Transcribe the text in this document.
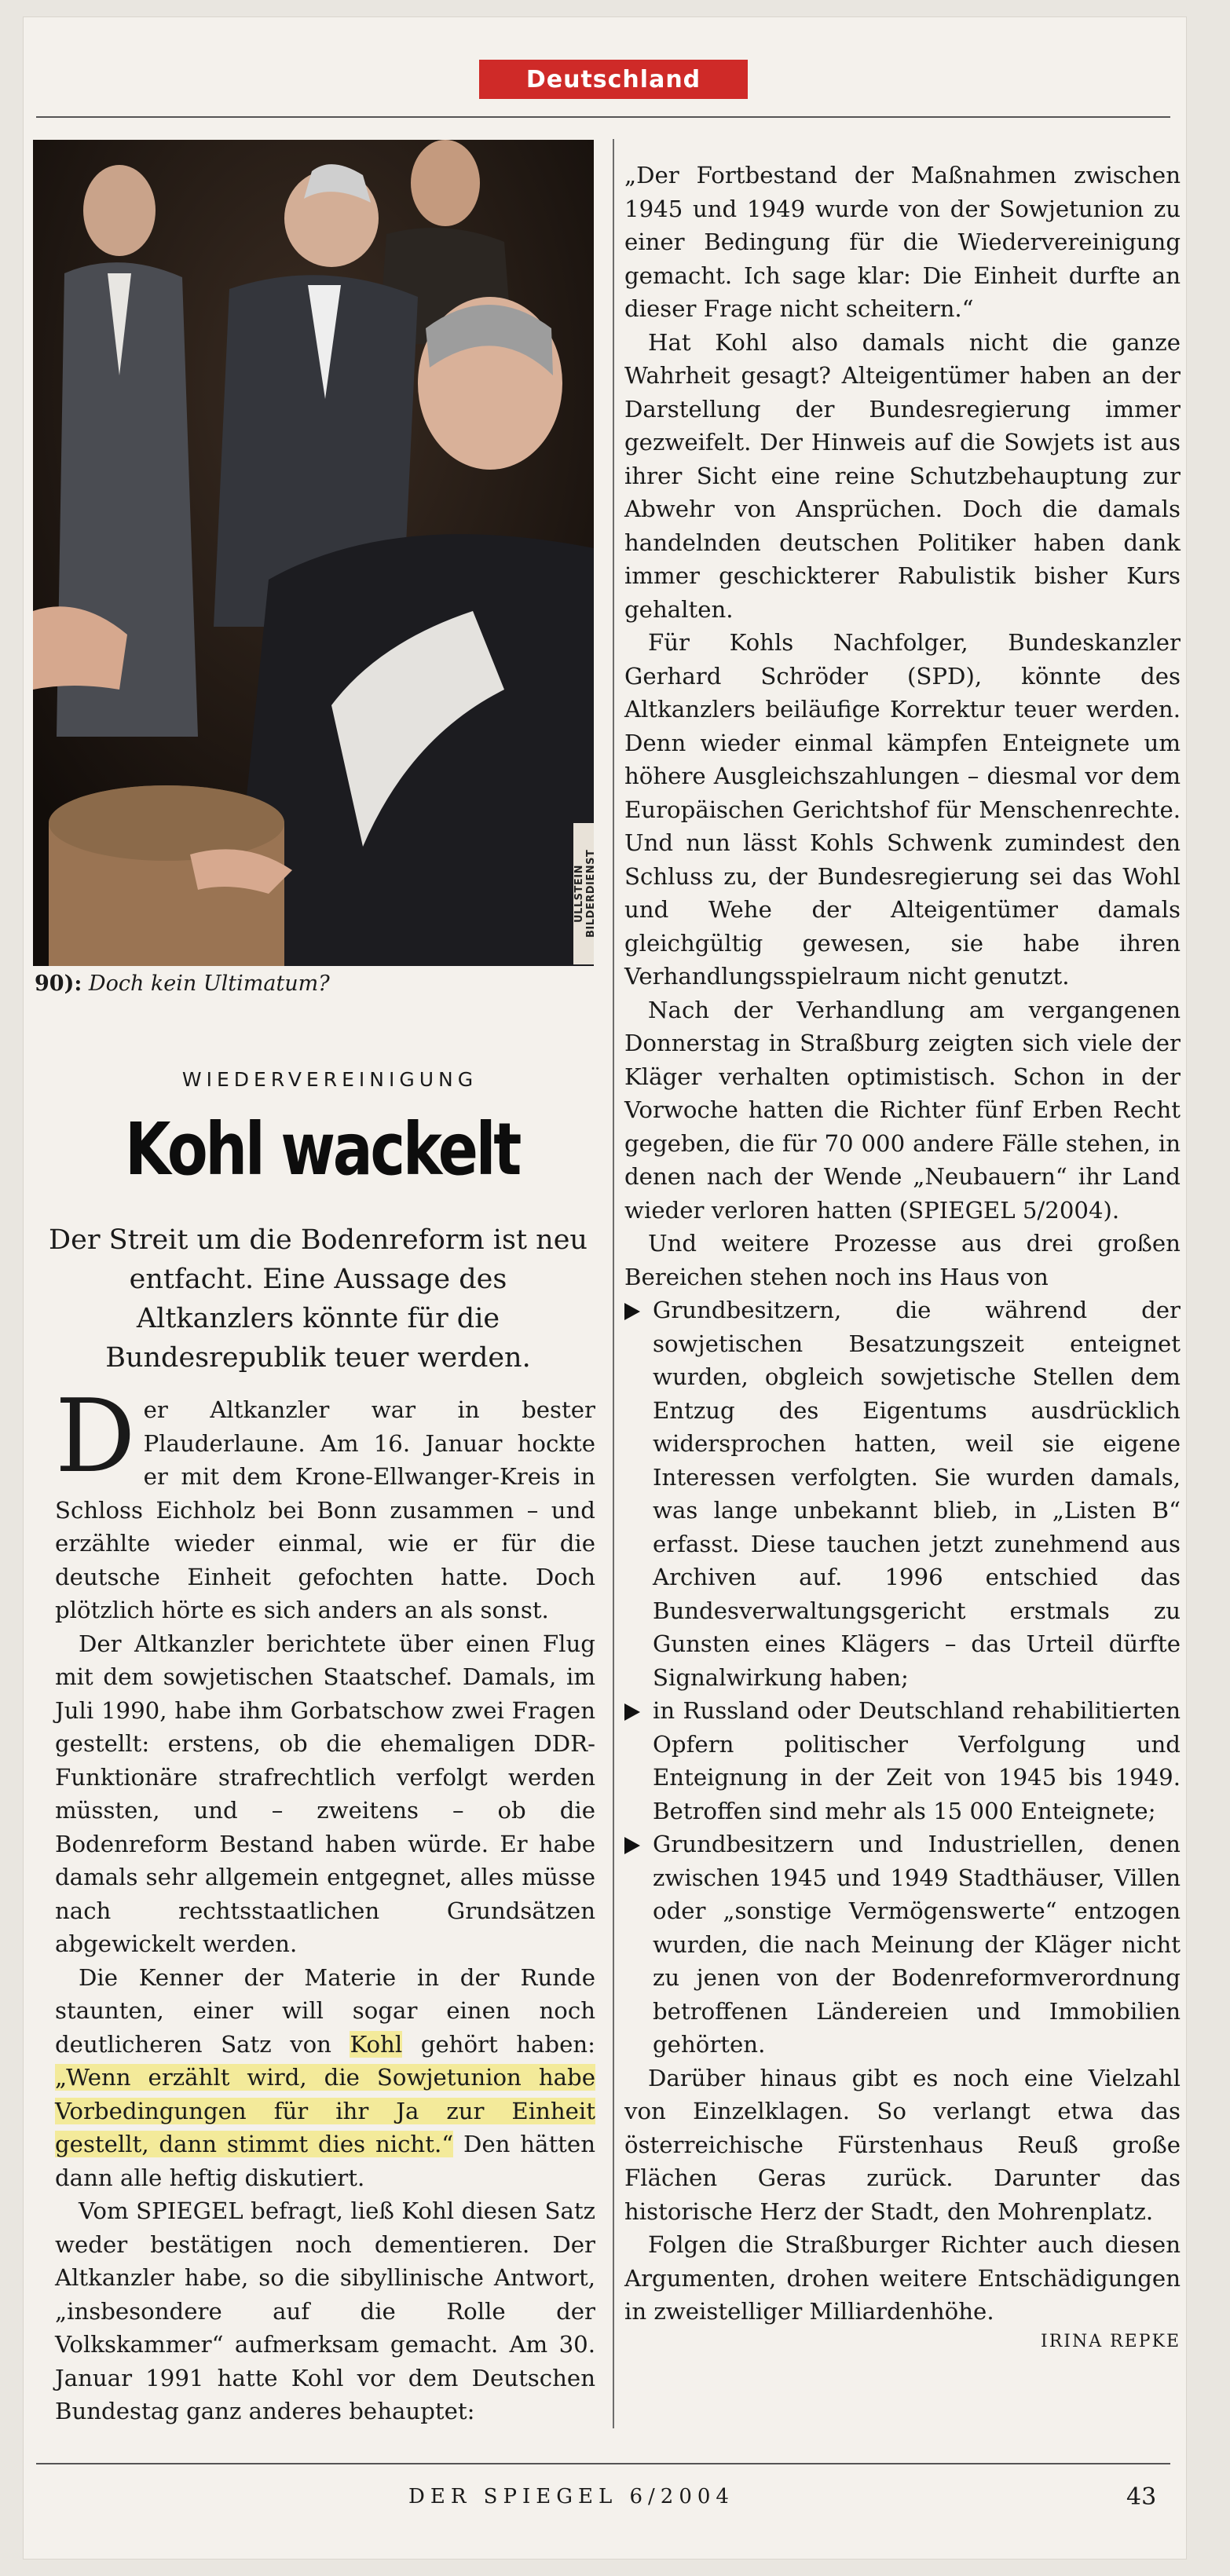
Deutschland
ULLSTEIN BILDERDIENST
90): Doch kein Ultimatum?
WIEDERVEREINIGUNG
Kohl wackelt
Der Streit um die Bodenreform ist neu entfacht. Eine Aussage des Altkanzlers könnte für die Bundesrepublik teuer werden.

Der Altkanzler war in bester Plauderlaune. Am 16. Januar hockte er mit dem Krone-Ellwanger-Kreis in Schloss Eichholz bei Bonn zusammen – und erzählte wieder einmal, wie er für die deutsche Einheit gefochten hatte. Doch plötzlich hörte es sich anders an als sonst.

Der Altkanzler berichtete über einen Flug mit dem sowjetischen Staatschef. Damals, im Juli 1990, habe ihm Gorbatschow zwei Fragen gestellt: erstens, ob die ehemaligen DDR-Funktionäre strafrechtlich verfolgt werden müssten, und – zweitens – ob die Bodenreform Bestand haben würde. Er habe damals sehr allgemein entgegnet, alles müsse nach rechtsstaatlichen Grundsätzen abgewickelt werden.

Die Kenner der Materie in der Runde staunten, einer will sogar einen noch deutlicheren Satz von Kohl gehört haben: „Wenn erzählt wird, die Sowjetunion habe Vorbedingungen für ihr Ja zur Einheit gestellt, dann stimmt dies nicht.“ Den hätten dann alle heftig diskutiert.

Vom SPIEGEL befragt, ließ Kohl diesen Satz weder bestätigen noch dementieren. Der Altkanzler habe, so die sibyllinische Antwort, „insbesondere auf die Rolle der Volkskammer“ aufmerksam gemacht. Am 30. Januar 1991 hatte Kohl vor dem Deutschen Bundestag ganz anderes behauptet:

„Der Fortbestand der Maßnahmen zwischen 1945 und 1949 wurde von der Sowjetunion zu einer Bedingung für die Wiedervereinigung gemacht. Ich sage klar: Die Einheit durfte an dieser Frage nicht scheitern.“

Hat Kohl also damals nicht die ganze Wahrheit gesagt? Alteigentümer haben an der Darstellung der Bundesregierung immer gezweifelt. Der Hinweis auf die Sowjets ist aus ihrer Sicht eine reine Schutzbehauptung zur Abwehr von Ansprüchen. Doch die damals handelnden deutschen Politiker haben dank immer geschickterer Rabulistik bisher Kurs gehalten.

Für Kohls Nachfolger, Bundeskanzler Gerhard Schröder (SPD), könnte des Altkanzlers beiläufige Korrektur teuer werden. Denn wieder einmal kämpfen Enteignete um höhere Ausgleichszahlungen – diesmal vor dem Europäischen Gerichtshof für Menschenrechte. Und nun lässt Kohls Schwenk zumindest den Schluss zu, der Bundesregierung sei das Wohl und Wehe der Alteigentümer damals gleichgültig gewesen, sie habe ihren Verhandlungsspielraum nicht genutzt.

Nach der Verhandlung am vergangenen Donnerstag in Straßburg zeigten sich viele der Kläger verhalten optimistisch. Schon in der Vorwoche hatten die Richter fünf Erben Recht gegeben, die für 70 000 andere Fälle stehen, in denen nach der Wende „Neubauern“ ihr Land wieder verloren hatten (SPIEGEL 5/2004).

Und weitere Prozesse aus drei großen Bereichen stehen noch ins Haus von

Grundbesitzern, die während der sowjetischen Besatzungszeit enteignet wurden, obgleich sowjetische Stellen dem Entzug des Eigentums ausdrücklich widersprochen hatten, weil sie eigene Interessen verfolgten. Sie wurden damals, was lange unbekannt blieb, in „Listen B“ erfasst. Diese tauchen jetzt zunehmend aus Archiven auf. 1996 entschied das Bundesverwaltungsgericht erstmals zu Gunsten eines Klägers – das Urteil dürfte Signalwirkung haben;
in Russland oder Deutschland rehabilitierten Opfern politischer Verfolgung und Enteignung in der Zeit von 1945 bis 1949. Betroffen sind mehr als 15 000 Enteignete;
Grundbesitzern und Industriellen, denen zwischen 1945 und 1949 Stadthäuser, Villen oder „sonstige Vermögenswerte“ entzogen wurden, die nach Meinung der Kläger nicht zu jenen von der Bodenreformverordnung betroffenen Ländereien und Immobilien gehörten.

Darüber hinaus gibt es noch eine Vielzahl von Einzelklagen. So verlangt etwa das österreichische Fürstenhaus Reuß große Flächen Geras zurück. Darunter das historische Herz der Stadt, den Mohrenplatz.

Folgen die Straßburger Richter auch diesen Argumenten, drohen weitere Entschädigungen in zweistelliger Milliardenhöhe.

IRINA REPKE
DER SPIEGEL 6/2004	43
